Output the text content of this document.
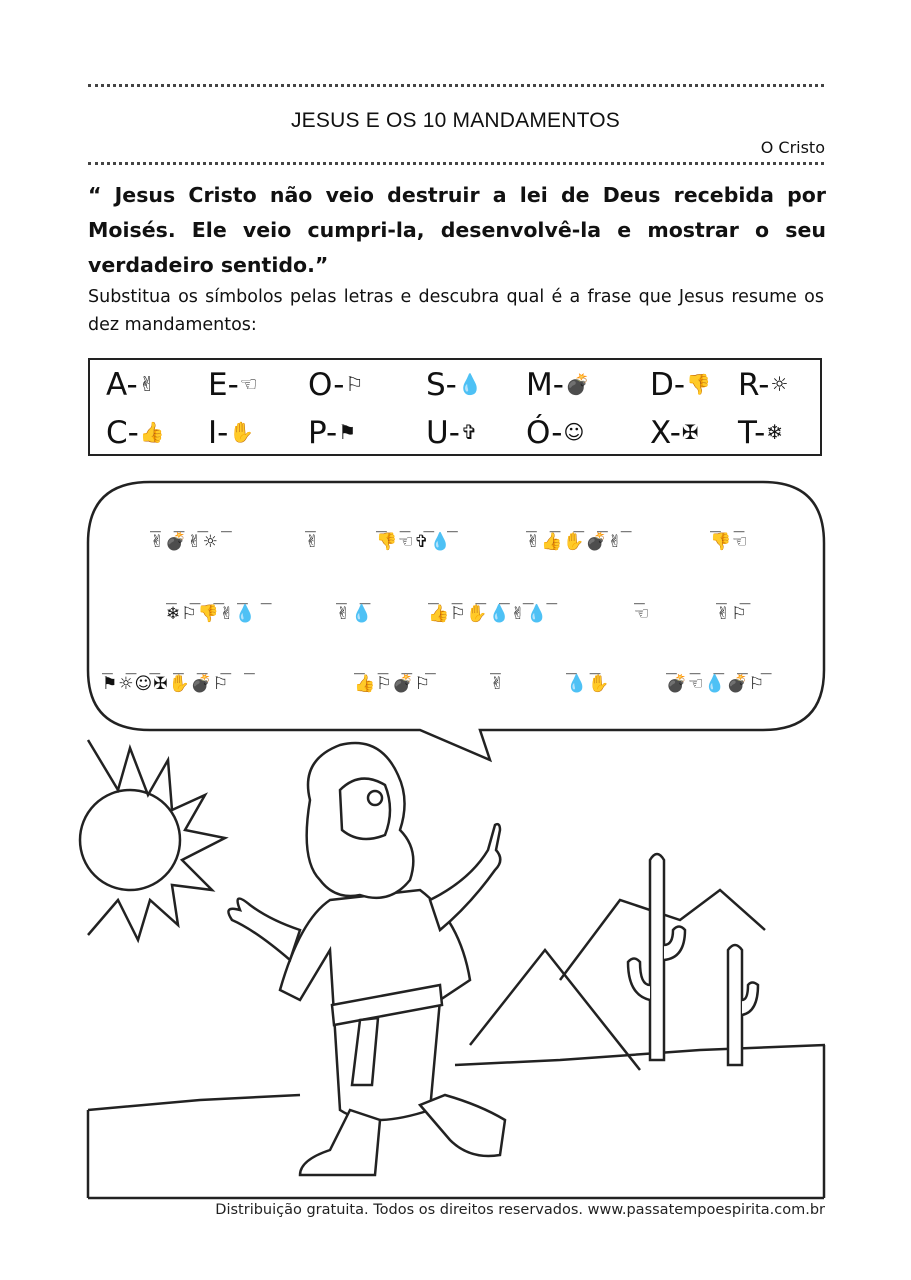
JESUS E OS 10 MANDAMENTOS
O Cristo
“ Jesus Cristo não veio destruir a lei de Deus recebida por Moisés. Ele veio cumpri-la, desenvolvê-la e mostrar o seu verdadeiro sentido.”
Substitua os símbolos pelas letras e descubra qual é a frase que Jesus resume os dez mandamentos:
A-✌ E-☜ O-⚐ S-💧 M-💣 D-👎 R-☼
C-👍 I-✋ P-⚑ U-✞ Ó-☺ X-✠ T-❄
_ _ _ _
✌💣✌☼
_
✌
_ _ _ _
👎☜✞💧
_ _ _ _ _
✌👍✋💣✌
_ _
👎☜
_ _ _ _ _
❄⚐👎✌💧
_ _
✌💧
_ _ _ _ _ _
👍⚐✋💧✌💧
_
☜
_ _
✌⚐
_ _ _ _ _ _ _
⚑☼☺✠✋💣⚐
_ _ _ _
👍⚐💣⚐
_
✌
_ _
💧✋
_ _ _ _ _
💣☜💧💣⚐
Distribuição gratuita. Todos os direitos reservados. www.passatempoespirita.com.br
